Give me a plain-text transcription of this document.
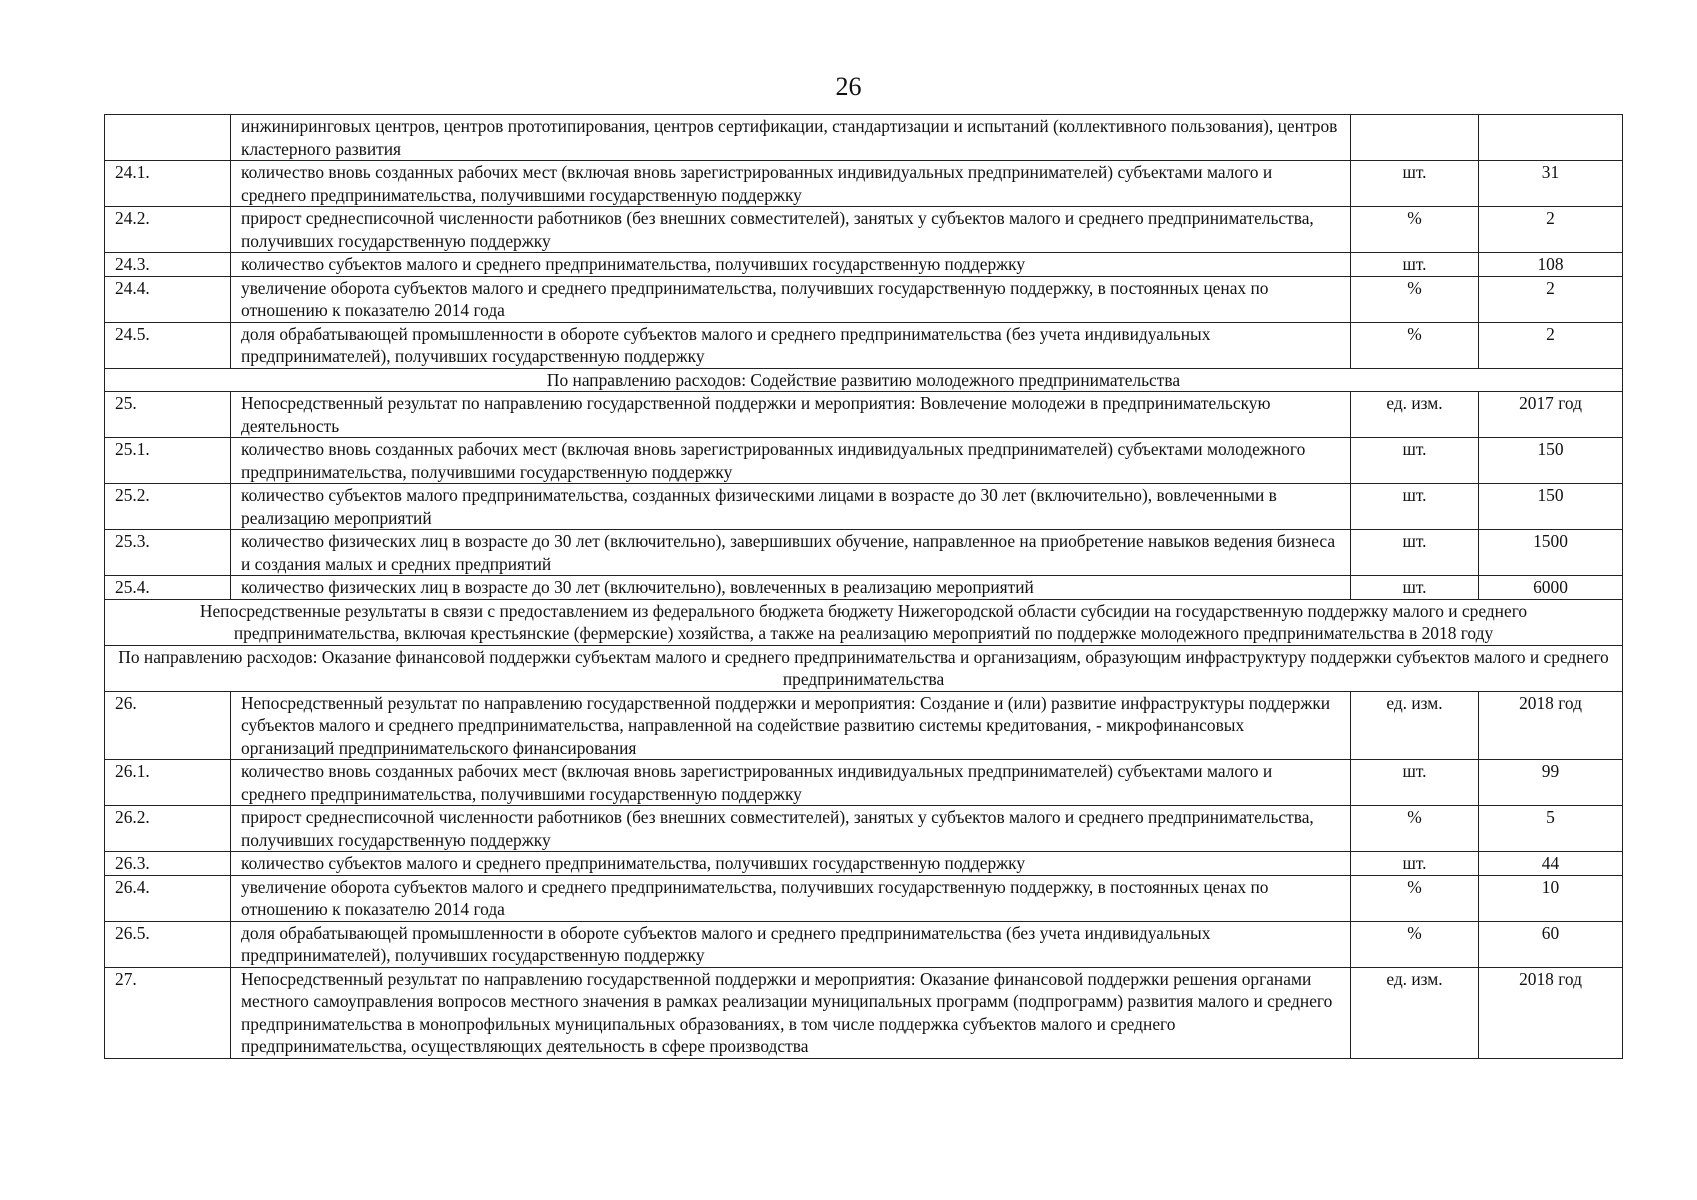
26
	инжиниринговых центров, центров прототипирования, центров сертификации, стандартизации и испытаний (коллективного пользования), центров кластерного развития		
24.1.	количество вновь созданных рабочих мест (включая вновь зарегистрированных индивидуальных предпринимателей) субъектами малого и среднего предпринимательства, получившими государственную поддержку	шт.	31
24.2.	прирост среднесписочной численности работников (без внешних совместителей), занятых у субъектов малого и среднего предпринимательства, получивших государственную поддержку	%	2
24.3.	количество субъектов малого и среднего предпринимательства, получивших государственную поддержку	шт.	108
24.4.	увеличение оборота субъектов малого и среднего предпринимательства, получивших государственную поддержку, в постоянных ценах по отношению к показателю 2014 года	%	2
24.5.	доля обрабатывающей промышленности в обороте субъектов малого и среднего предпринимательства (без учета индивидуальных предпринимателей), получивших государственную поддержку	%	2
По направлению расходов: Содействие развитию молодежного предпринимательства			
25.	Непосредственный результат по направлению государственной поддержки и мероприятия: Вовлечение молодежи в предпринимательскую деятельность	ед. изм.	2017 год
25.1.	количество вновь созданных рабочих мест (включая вновь зарегистрированных индивидуальных предпринимателей) субъектами молодежного предпринимательства, получившими государственную поддержку	шт.	150
25.2.	количество субъектов малого предпринимательства, созданных физическими лицами в возрасте до 30 лет (включительно), вовлеченными в реализацию мероприятий	шт.	150
25.3.	количество физических лиц в возрасте до 30 лет (включительно), завершивших обучение, направленное на приобретение навыков ведения бизнеса и создания малых и средних предприятий	шт.	1500
25.4.	количество физических лиц в возрасте до 30 лет (включительно), вовлеченных в реализацию мероприятий	шт.	6000
Непосредственные результаты в связи с предоставлением из федерального бюджета бюджету Нижегородской области субсидии на государственную поддержку малого и среднего предпринимательства, включая крестьянские (фермерские) хозяйства, а также на реализацию мероприятий по поддержке молодежного предпринимательства в 2018 году			
По направлению расходов: Оказание финансовой поддержки субъектам малого и среднего предпринимательства и организациям, образующим инфраструктуру поддержки субъектов малого и среднего предпринимательства			
26.	Непосредственный результат по направлению государственной поддержки и мероприятия: Создание и (или) развитие инфраструктуры поддержки субъектов малого и среднего предпринимательства, направленной на содействие развитию системы кредитования, - микрофинансовых организаций предпринимательского финансирования	ед. изм.	2018 год
26.1.	количество вновь созданных рабочих мест (включая вновь зарегистрированных индивидуальных предпринимателей) субъектами малого и среднего предпринимательства, получившими государственную поддержку	шт.	99
26.2.	прирост среднесписочной численности работников (без внешних совместителей), занятых у субъектов малого и среднего предпринимательства, получивших государственную поддержку	%	5
26.3.	количество субъектов малого и среднего предпринимательства, получивших государственную поддержку	шт.	44
26.4.	увеличение оборота субъектов малого и среднего предпринимательства, получивших государственную поддержку, в постоянных ценах по отношению к показателю 2014 года	%	10
26.5.	доля обрабатывающей промышленности в обороте субъектов малого и среднего предпринимательства (без учета индивидуальных предпринимателей), получивших государственную поддержку	%	60
27.	Непосредственный результат по направлению государственной поддержки и мероприятия: Оказание финансовой поддержки решения органами местного самоуправления вопросов местного значения в рамках реализации муниципальных программ (подпрограмм) развития малого и среднего предпринимательства в монопрофильных муниципальных образованиях, в том числе поддержка субъектов малого и среднего предпринимательства, осуществляющих деятельность в сфере производства	ед. изм.	2018 год
